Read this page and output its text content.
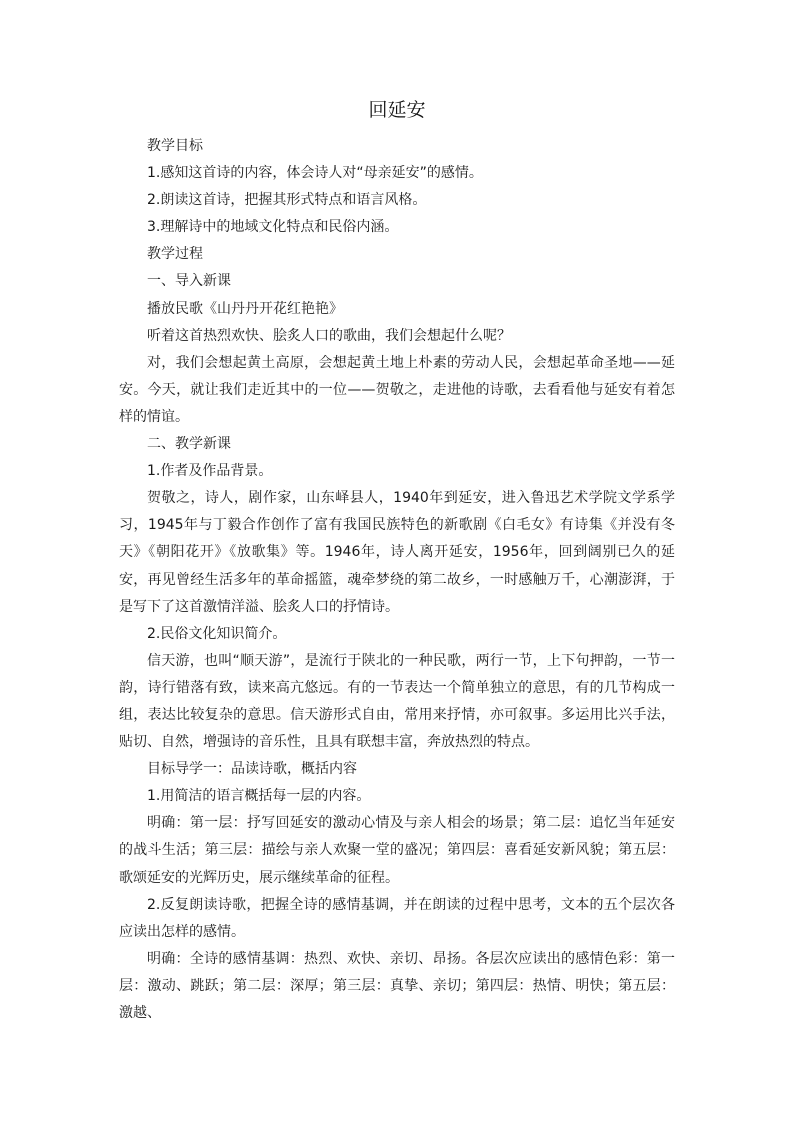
回延安

教学目标

1.感知这首诗的内容，体会诗人对“母亲延安”的感情。

2.朗读这首诗，把握其形式特点和语言风格。

3.理解诗中的地域文化特点和民俗内涵。

教学过程

一、导入新课

播放民歌《山丹丹开花红艳艳》

听着这首热烈欢快、脍炙人口的歌曲，我们会想起什么呢？

对，我们会想起黄土高原，会想起黄土地上朴素的劳动人民，会想起革命圣地——延安。今天，就让我们走近其中的一位——贺敬之，走进他的诗歌，去看看他与延安有着怎样的情谊。

二、教学新课

1.作者及作品背景。

贺敬之，诗人，剧作家，山东峄县人，1940年到延安，进入鲁迅艺术学院文学系学习，1945年与丁毅合作创作了富有我国民族特色的新歌剧《白毛女》有诗集《并没有冬天》《朝阳花开》《放歌集》等。1946年，诗人离开延安，1956年，回到阔别已久的延安，再见曾经生活多年的革命摇篮，魂牵梦绕的第二故乡，一时感触万千，心潮澎湃，于是写下了这首激情洋溢、脍炙人口的抒情诗。

2.民俗文化知识简介。

信天游，也叫“顺天游”，是流行于陕北的一种民歌，两行一节，上下句押韵，一节一韵，诗行错落有致，读来高亢悠远。有的一节表达一个简单独立的意思，有的几节构成一组，表达比较复杂的意思。信天游形式自由，常用来抒情，亦可叙事。多运用比兴手法，贴切、自然，增强诗的音乐性，且具有联想丰富，奔放热烈的特点。

目标导学一：品读诗歌，概括内容

1.用简洁的语言概括每一层的内容。

明确：第一层：抒写回延安的激动心情及与亲人相会的场景；第二层：追忆当年延安的战斗生活；第三层：描绘与亲人欢聚一堂的盛况；第四层：喜看延安新风貌；第五层：歌颂延安的光辉历史，展示继续革命的征程。

2.反复朗读诗歌，把握全诗的感情基调，并在朗读的过程中思考，文本的五个层次各应读出怎样的感情。

明确：全诗的感情基调：热烈、欢快、亲切、昂扬。各层次应读出的感情色彩：第一层：激动、跳跃；第二层：深厚；第三层：真挚、亲切；第四层：热情、明快；第五层：激越、
